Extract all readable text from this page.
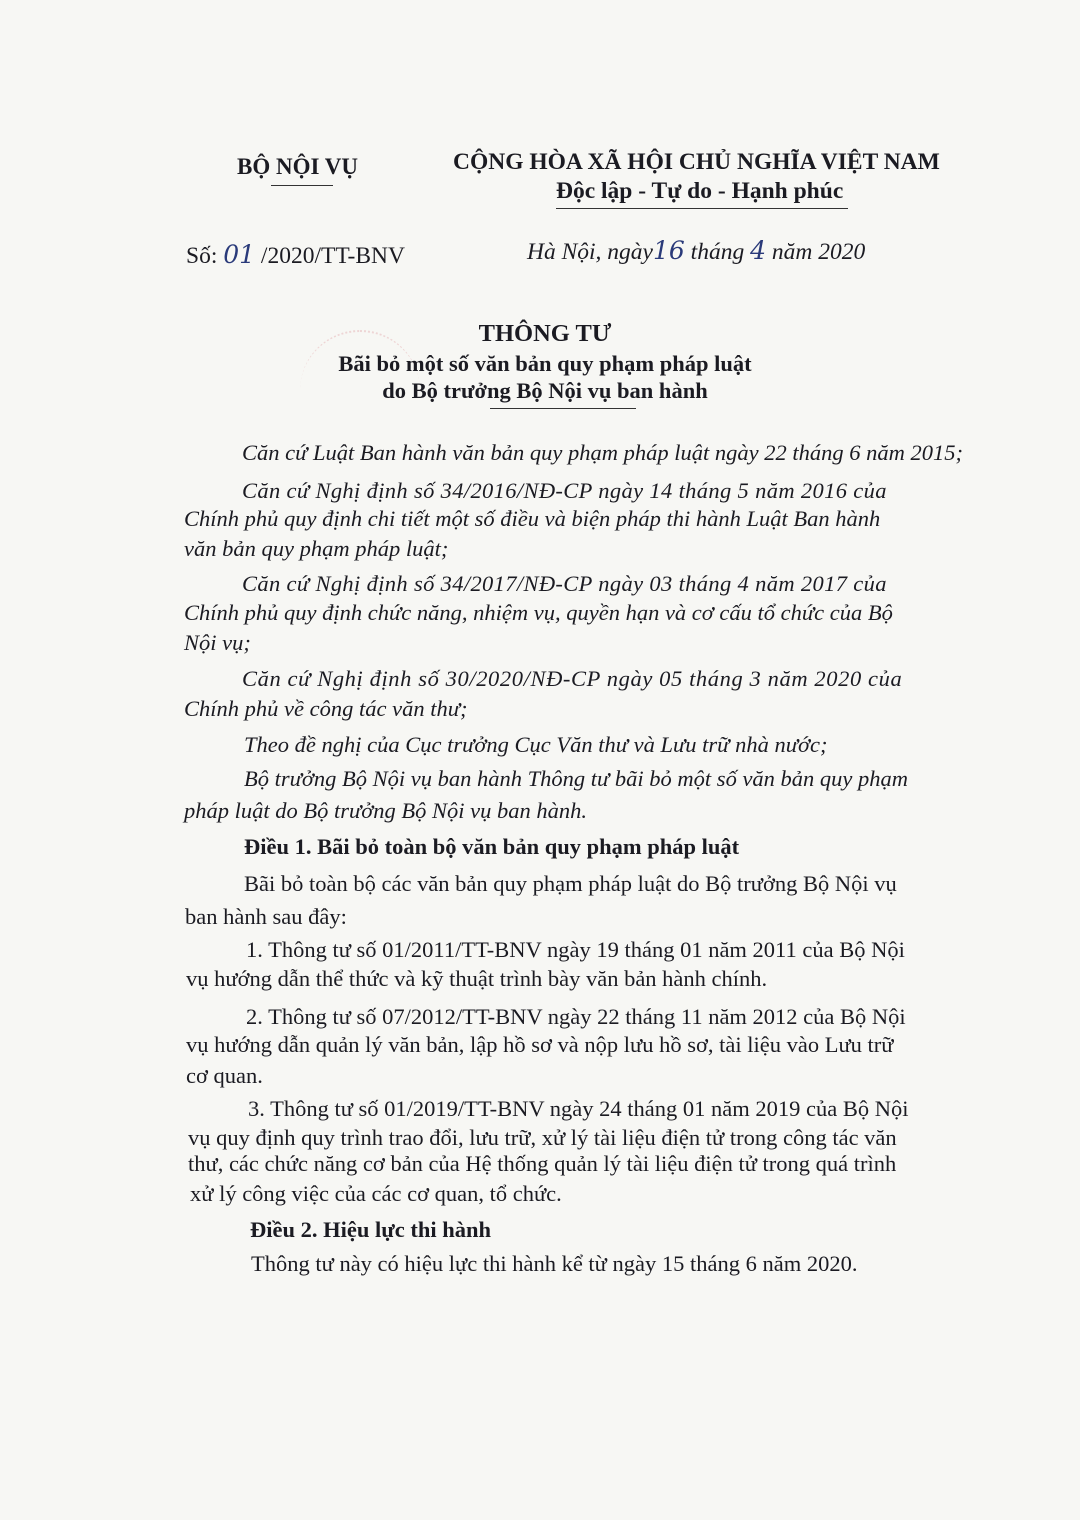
BỘ NỘI VỤ	CỘNG HÒA XÃ HỘI CHỦ NGHĨA VIỆT NAM
Độc lập - Tự do - Hạnh phúc
Số: 01 /2020/TT-BNV	Hà Nội, ngày16 tháng 4 năm 2020
THÔNG TƯ
Bãi bỏ một số văn bản quy phạm pháp luật
do Bộ trưởng Bộ Nội vụ ban hành
Căn cứ Luật Ban hành văn bản quy phạm pháp luật ngày 22 tháng 6 năm 2015;
Căn cứ Nghị định số 34/2016/NĐ-CP ngày 14 tháng 5 năm 2016 của
Chính phủ quy định chi tiết một số điều và biện pháp thi hành Luật Ban hành
văn bản quy phạm pháp luật;
Căn cứ Nghị định số 34/2017/NĐ-CP ngày 03 tháng 4 năm 2017 của
Chính phủ quy định chức năng, nhiệm vụ, quyền hạn và cơ cấu tổ chức của Bộ
Nội vụ;
Căn cứ Nghị định số 30/2020/NĐ-CP ngày 05 tháng 3 năm 2020 của
Chính phủ về công tác văn thư;
Theo đề nghị của Cục trưởng Cục Văn thư và Lưu trữ nhà nước;
Bộ trưởng Bộ Nội vụ ban hành Thông tư bãi bỏ một số văn bản quy phạm
pháp luật do Bộ trưởng Bộ Nội vụ ban hành.
Điều 1. Bãi bỏ toàn bộ văn bản quy phạm pháp luật
Bãi bỏ toàn bộ các văn bản quy phạm pháp luật do Bộ trưởng Bộ Nội vụ
ban hành sau đây:
1. Thông tư số 01/2011/TT-BNV ngày 19 tháng 01 năm 2011 của Bộ Nội
vụ hướng dẫn thể thức và kỹ thuật trình bày văn bản hành chính.
2. Thông tư số 07/2012/TT-BNV ngày 22 tháng 11 năm 2012 của Bộ Nội
vụ hướng dẫn quản lý văn bản, lập hồ sơ và nộp lưu hồ sơ, tài liệu vào Lưu trữ
cơ quan.
3. Thông tư số 01/2019/TT-BNV ngày 24 tháng 01 năm 2019 của Bộ Nội
vụ quy định quy trình trao đổi, lưu trữ, xử lý tài liệu điện tử trong công tác văn
thư, các chức năng cơ bản của Hệ thống quản lý tài liệu điện tử trong quá trình
xử lý công việc của các cơ quan, tổ chức.
Điều 2. Hiệu lực thi hành
Thông tư này có hiệu lực thi hành kể từ ngày 15 tháng 6 năm 2020.
